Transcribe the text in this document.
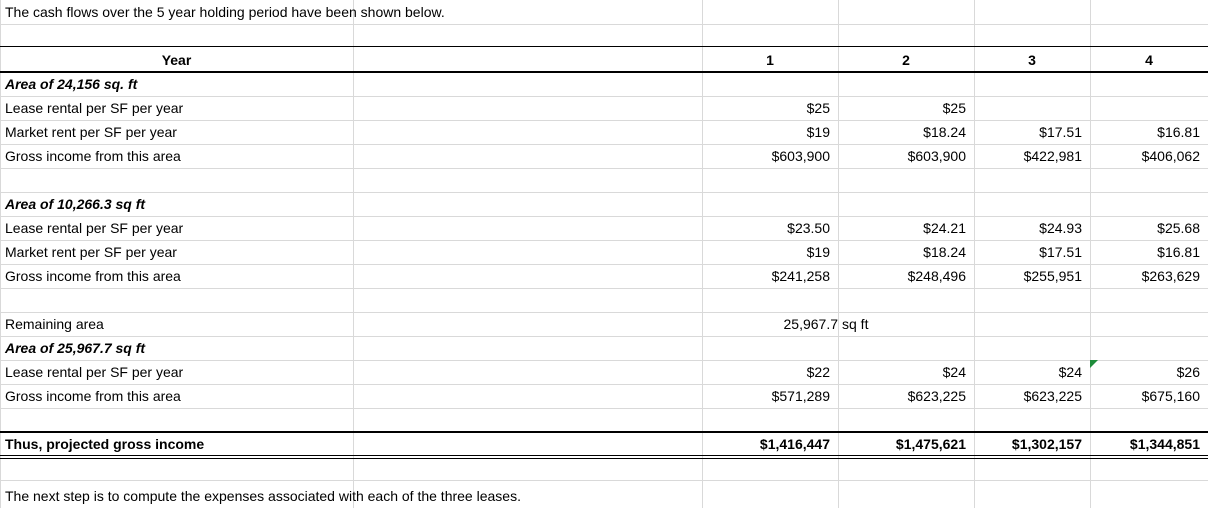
The cash flows over the 5 year holding period have been shown below.
The next step is to compute the expenses associated with each of the three leases.
Year	1	2	3	4
Area of 24,156 sq. ft
Lease rental per SF per year	$25	$25
Market rent per SF per year	$19	$18.24	$17.51	$16.81
Gross income from this area	$603,900	$603,900	$422,981	$406,062
Area of 10,266.3 sq ft
Lease rental per SF per year	$23.50	$24.21	$24.93	$25.68
Market rent per SF per year	$19	$18.24	$17.51	$16.81
Gross income from this area	$241,258	$248,496	$255,951	$263,629
Remaining area	25,967.7 sq ft
Area of 25,967.7 sq ft
Lease rental per SF per year	$22	$24	$24	$26
Gross income from this area	$571,289	$623,225	$623,225	$675,160
Thus, projected gross income	$1,416,447	$1,475,621	$1,302,157	$1,344,851
